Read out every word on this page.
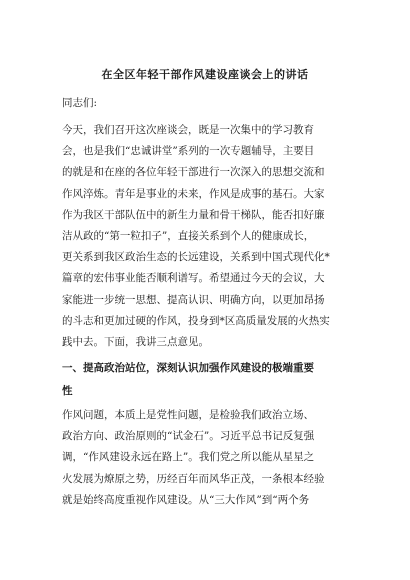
在全区年轻干部作风建设座谈会上的讲话
同志们:
今天，我们召开这次座谈会，既是一次集中的学习教育
会，也是我们“忠诚讲堂”系列的一次专题辅导，主要目
的就是和在座的各位年轻干部进行一次深入的思想交流和
作风淬炼。青年是事业的未来，作风是成事的基石。大家
作为我区干部队伍中的新生力量和骨干梯队，能否扣好廉
洁从政的“第一粒扣子”，直接关系到个人的健康成长，
更关系到我区政治生态的长远建设，关系到中国式现代化*
篇章的宏伟事业能否顺利谱写。希望通过今天的会议，大
家能进一步统一思想、提高认识、明确方向，以更加昂扬
的斗志和更加过硬的作风，投身到*区高质量发展的火热实
践中去。下面，我讲三点意见。
一、提高政治站位，深刻认识加强作风建设的极端重要
性
作风问题，本质上是党性问题，是检验我们政治立场、
政治方向、政治原则的“试金石”。习近平总书记反复强
调，“作风建设永远在路上”。我们党之所以能从星星之
火发展为燎原之势，历经百年而风华正茂，一条根本经验
就是始终高度重视作风建设。从“三大作风”到“两个务
